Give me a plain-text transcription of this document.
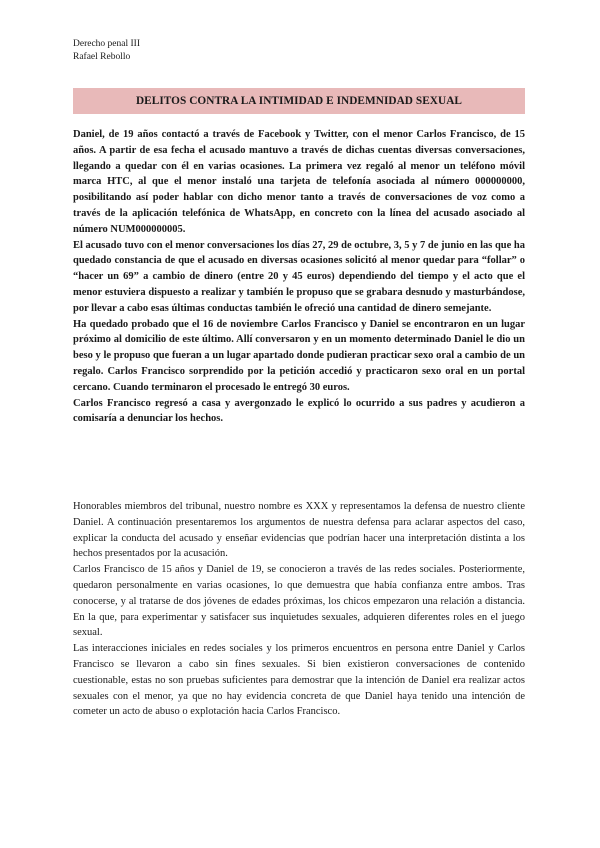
Derecho penal III
Rafael Rebollo
DELITOS CONTRA LA INTIMIDAD E INDEMNIDAD SEXUAL

Daniel, de 19 años contactó a través de Facebook y Twitter, con el menor Carlos Francisco, de 15 años. A partir de esa fecha el acusado mantuvo a través de dichas cuentas diversas conversaciones, llegando a quedar con él en varias ocasiones. La primera vez regaló al menor un teléfono móvil marca HTC, al que el menor instaló una tarjeta de telefonía asociada al número 000000000, posibilitando así poder hablar con dicho menor tanto a través de conversaciones de voz como a través de la aplicación telefónica de WhatsApp, en concreto con la línea del acusado asociado al número NUM000000005.

El acusado tuvo con el menor conversaciones los días 27, 29 de octubre, 3, 5 y 7 de junio en las que ha quedado constancia de que el acusado en diversas ocasiones solicitó al menor quedar para “follar” o “hacer un 69” a cambio de dinero (entre 20 y 45 euros) dependiendo del tiempo y el acto que el menor estuviera dispuesto a realizar y también le propuso que se grabara desnudo y masturbándose, por llevar a cabo esas últimas conductas también le ofreció una cantidad de dinero semejante.

Ha quedado probado que el 16 de noviembre Carlos Francisco y Daniel se encontraron en un lugar próximo al domicilio de este último. Allí conversaron y en un momento determinado Daniel le dio un beso y le propuso que fueran a un lugar apartado donde pudieran practicar sexo oral a cambio de un regalo. Carlos Francisco sorprendido por la petición accedió y practicaron sexo oral en un portal cercano. Cuando terminaron el procesado le entregó 30 euros.

Carlos Francisco regresó a casa y avergonzado le explicó lo ocurrido a sus padres y acudieron a comisaría a denunciar los hechos.

Honorables miembros del tribunal, nuestro nombre es XXX y representamos la defensa de nuestro cliente Daniel. A continuación presentaremos los argumentos de nuestra defensa para aclarar aspectos del caso, explicar la conducta del acusado y enseñar evidencias que podrían hacer una interpretación distinta a los hechos presentados por la acusación.

Carlos Francisco de 15 años y Daniel de 19, se conocieron a través de las redes sociales. Posteriormente, quedaron personalmente en varias ocasiones, lo que demuestra que había confianza entre ambos. Tras conocerse, y al tratarse de dos jóvenes de edades próximas, los chicos empezaron una relación a distancia. En la que, para experimentar y satisfacer sus inquietudes sexuales, adquieren diferentes roles en el juego sexual.

Las interacciones iniciales en redes sociales y los primeros encuentros en persona entre Daniel y Carlos Francisco se llevaron a cabo sin fines sexuales. Si bien existieron conversaciones de contenido cuestionable, estas no son pruebas suficientes para demostrar que la intención de Daniel era realizar actos sexuales con el menor, ya que no hay evidencia concreta de que Daniel haya tenido una intención de cometer un acto de abuso o explotación hacia Carlos Francisco.
